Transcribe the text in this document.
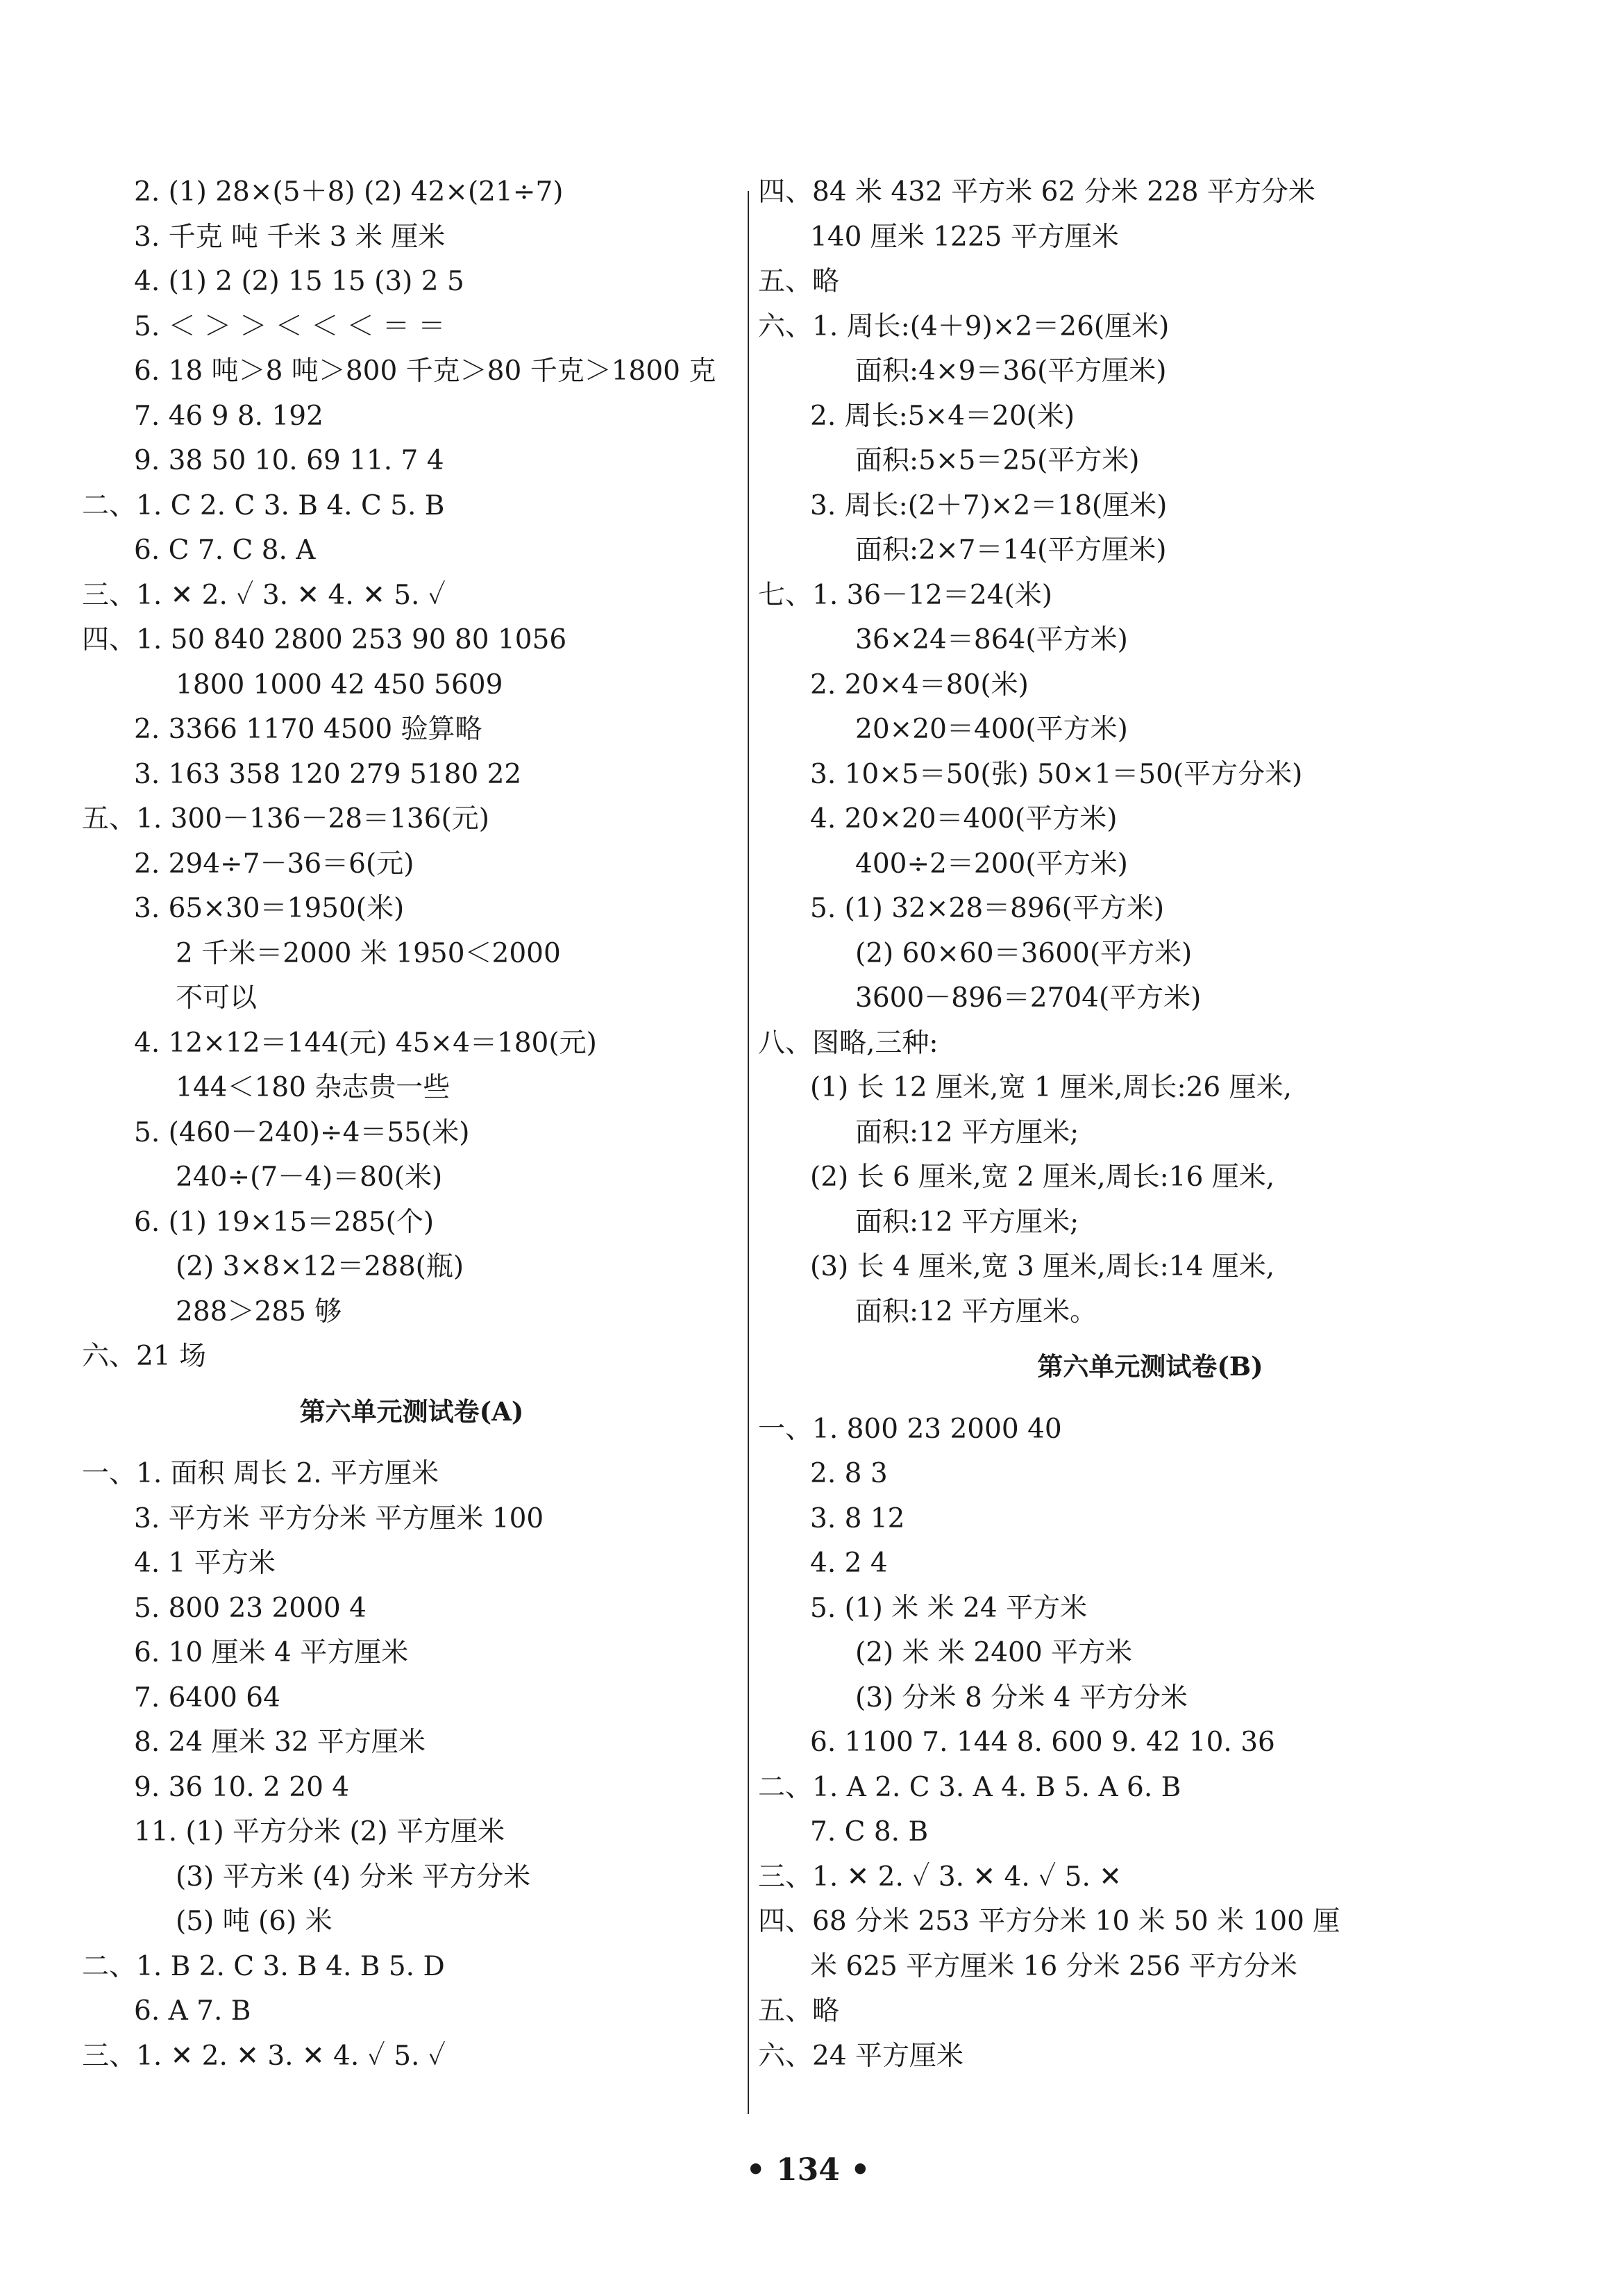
2. (1) 28×(5＋8) (2) 42×(21÷7)
3. 千克 吨 千米 3 米 厘米
4. (1) 2 (2) 15 15 (3) 2 5
5. ＜ ＞ ＞ ＜ ＜ ＜ ＝ ＝
6. 18 吨＞8 吨＞800 千克＞80 千克＞1800 克
7. 46 9 8. 192
9. 38 50 10. 69 11. 7 4
二、1. C 2. C 3. B 4. C 5. B
6. C 7. C 8. A
三、1. ✕ 2. ✓ 3. ✕ 4. ✕ 5. ✓
四、1. 50 840 2800 253 90 80 1056
1800 1000 42 450 5609
2. 3366 1170 4500 验算略
3. 163 358 120 279 5180 22
五、1. 300－136－28＝136(元)
2. 294÷7－36＝6(元)
3. 65×30＝1950(米)
2 千米＝2000 米 1950＜2000
不可以
4. 12×12＝144(元) 45×4＝180(元)
144＜180 杂志贵一些
5. (460－240)÷4＝55(米)
240÷(7－4)＝80(米)
6. (1) 19×15＝285(个)
(2) 3×8×12＝288(瓶)
288＞285 够
六、21 场
第六单元测试卷(A)
一、1. 面积 周长 2. 平方厘米
3. 平方米 平方分米 平方厘米 100
4. 1 平方米
5. 800 23 2000 4
6. 10 厘米 4 平方厘米
7. 6400 64
8. 24 厘米 32 平方厘米
9. 36 10. 2 20 4
11. (1) 平方分米 (2) 平方厘米
(3) 平方米 (4) 分米 平方分米
(5) 吨 (6) 米
二、1. B 2. C 3. B 4. B 5. D
6. A 7. B
三、1. ✕ 2. ✕ 3. ✕ 4. ✓ 5. ✓
四、84 米 432 平方米 62 分米 228 平方分米
140 厘米 1225 平方厘米
五、略
六、1. 周长:(4＋9)×2＝26(厘米)
面积:4×9＝36(平方厘米)
2. 周长:5×4＝20(米)
面积:5×5＝25(平方米)
3. 周长:(2＋7)×2＝18(厘米)
面积:2×7＝14(平方厘米)
七、1. 36－12＝24(米)
36×24＝864(平方米)
2. 20×4＝80(米)
20×20＝400(平方米)
3. 10×5＝50(张) 50×1＝50(平方分米)
4. 20×20＝400(平方米)
400÷2＝200(平方米)
5. (1) 32×28＝896(平方米)
(2) 60×60＝3600(平方米)
3600－896＝2704(平方米)
八、图略,三种:
(1) 长 12 厘米,宽 1 厘米,周长:26 厘米,
面积:12 平方厘米;
(2) 长 6 厘米,宽 2 厘米,周长:16 厘米,
面积:12 平方厘米;
(3) 长 4 厘米,宽 3 厘米,周长:14 厘米,
面积:12 平方厘米。
第六单元测试卷(B)
一、1. 800 23 2000 40
2. 8 3
3. 8 12
4. 2 4
5. (1) 米 米 24 平方米
(2) 米 米 2400 平方米
(3) 分米 8 分米 4 平方分米
6. 1100 7. 144 8. 600 9. 42 10. 36
二、1. A 2. C 3. A 4. B 5. A 6. B
7. C 8. B
三、1. ✕ 2. ✓ 3. ✕ 4. ✓ 5. ✕
四、68 分米 253 平方分米 10 米 50 米 100 厘
米 625 平方厘米 16 分米 256 平方分米
五、略
六、24 平方厘米
• 134 •
